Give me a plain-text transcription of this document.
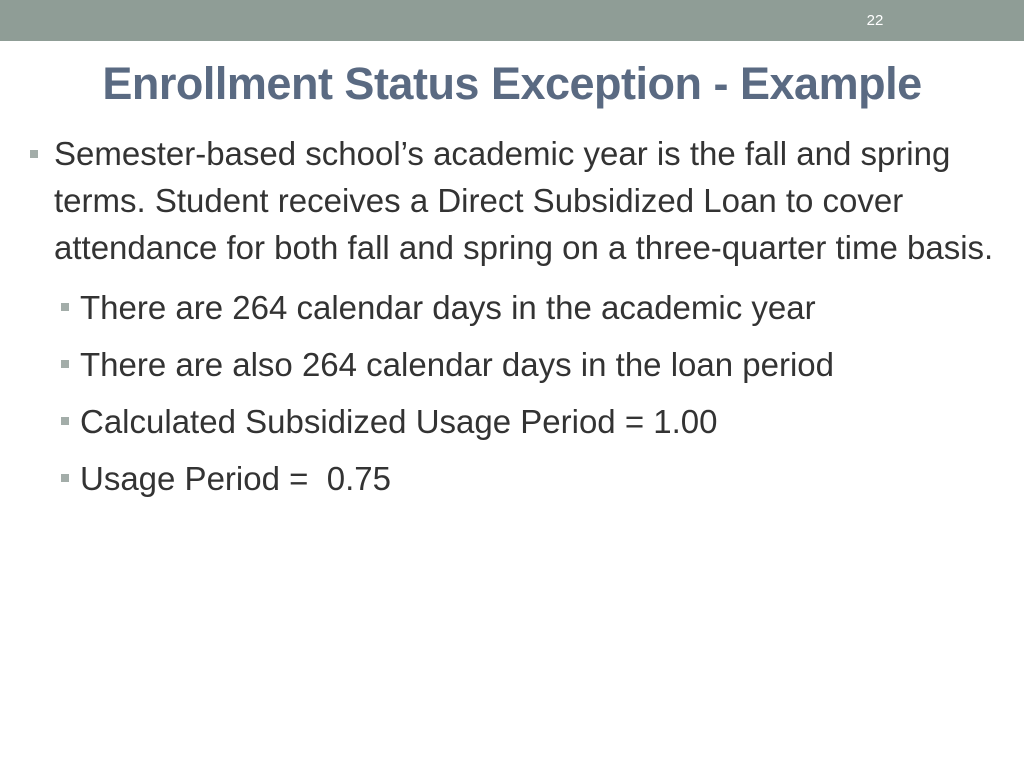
22
Enrollment Status Exception - Example

Semester-based school’s academic year is the fall and spring terms. Student receives a Direct Subsidized Loan to cover attendance for both fall and spring on a three-quarter time basis.

There are 264 calendar days in the academic year

There are also 264 calendar days in the loan period

Calculated Subsidized Usage Period = 1.00

Usage Period =  0.75
